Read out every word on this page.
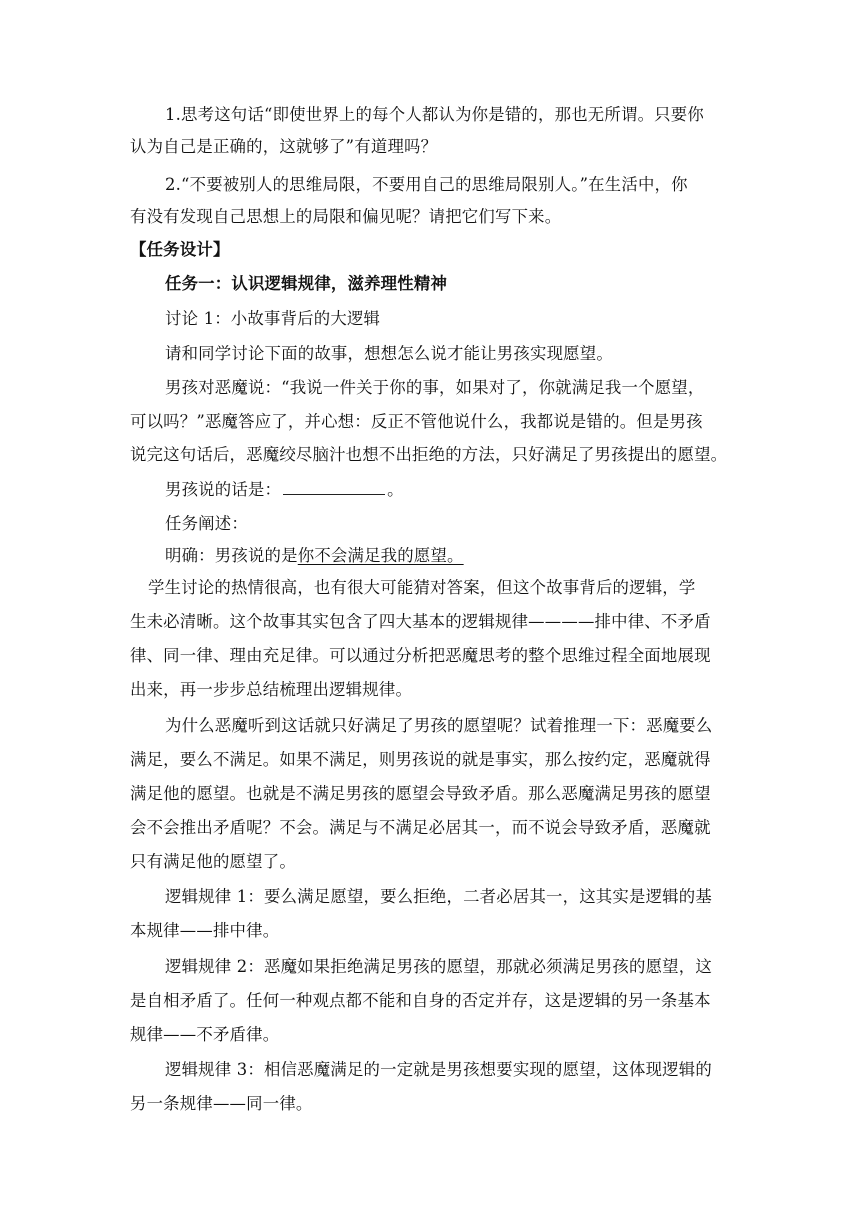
1.思考这句话“即使世界上的每个人都认为你是错的，那也无所谓。只要你
认为自己是正确的，这就够了”有道理吗？
2.“不要被别人的思维局限，不要用自己的思维局限别人。”在生活中，你
有没有发现自己思想上的局限和偏见呢？请把它们写下来。
【任务设计】
任务一：认识逻辑规律，滋养理性精神
讨论 1：小故事背后的大逻辑
请和同学讨论下面的故事，想想怎么说才能让男孩实现愿望。
男孩对恶魔说：“我说一件关于你的事，如果对了，你就满足我一个愿望，
可以吗？”恶魔答应了，并心想：反正不管他说什么，我都说是错的。但是男孩
说完这句话后，恶魔绞尽脑汁也想不出拒绝的方法，只好满足了男孩提出的愿望。
男孩说的话是：	。
任务阐述：
明确：男孩说的是你不会满足我的愿望。
学生讨论的热情很高，也有很大可能猜对答案，但这个故事背后的逻辑，学
生未必清晰。这个故事其实包含了四大基本的逻辑规律————排中律、不矛盾
律、同一律、理由充足律。可以通过分析把恶魔思考的整个思维过程全面地展现
出来，再一步步总结梳理出逻辑规律。
为什么恶魔听到这话就只好满足了男孩的愿望呢？试着推理一下：恶魔要么
满足，要么不满足。如果不满足，则男孩说的就是事实，那么按约定，恶魔就得
满足他的愿望。也就是不满足男孩的愿望会导致矛盾。那么恶魔满足男孩的愿望
会不会推出矛盾呢？不会。满足与不满足必居其一，而不说会导致矛盾，恶魔就
只有满足他的愿望了。
逻辑规律 1：要么满足愿望，要么拒绝，二者必居其一，这其实是逻辑的基
本规律——排中律。
逻辑规律 2：恶魔如果拒绝满足男孩的愿望，那就必须满足男孩的愿望，这
是自相矛盾了。任何一种观点都不能和自身的否定并存，这是逻辑的另一条基本
规律——不矛盾律。
逻辑规律 3：相信恶魔满足的一定就是男孩想要实现的愿望，这体现逻辑的
另一条规律——同一律。
